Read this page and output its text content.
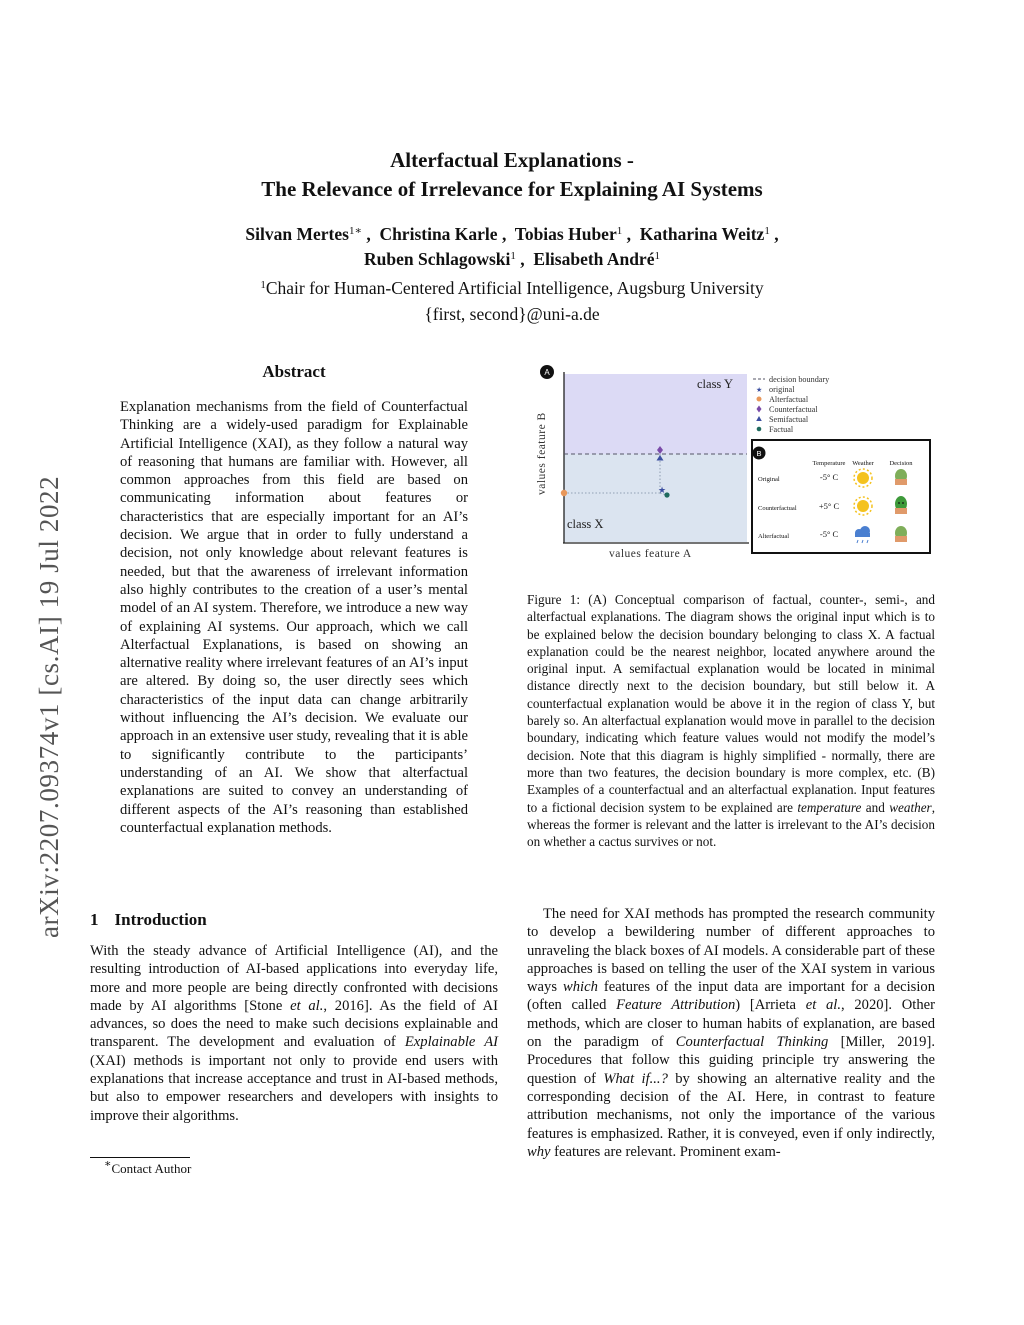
Alterfactual Explanations -
The Relevance of Irrelevance for Explaining AI Systems
Silvan Mertes$^{1∗}$ ,  Christina Karle ,  Tobias Huber$^1$ ,  Katharina Weitz$^1$ ,
Ruben Schlagowski$^1$ ,  Elisabeth André$^1$
$^1$Chair for Human-Centered Artificial Intelligence, Augsburg University
{first, second}@uni-a.de
arXiv:2207.09374v1 [cs.AI] 19 Jul 2022
Abstract
Explanation mechanisms from the field of Counterfactual Thinking are a widely-used paradigm for Explainable Artificial Intelligence (XAI), as they follow a natural way of reasoning that humans are familiar with. However, all common approaches from this field are based on communicating information about features or characteristics that are especially important for an AI’s decision. We argue that in order to fully understand a decision, not only knowledge about relevant features is needed, but that the awareness of irrelevant information also highly contributes to the creation of a user’s mental model of an AI system. Therefore, we introduce a new way of explaining AI systems. Our approach, which we call Alterfactual Explanations, is based on showing an alternative reality where irrelevant features of an AI’s input are altered. By doing so, the user directly sees which characteristics of the input data can change arbitrarily without influencing the AI’s decision. We evaluate our approach in an extensive user study, revealing that it is able to significantly contribute to the participants’ understanding of an AI. We show that alterfactual explanations are suited to convey an understanding of different aspects of the AI’s reasoning than established counterfactual explanation methods.
1 Introduction
With the steady advance of Artificial Intelligence (AI), and the resulting introduction of AI-based applications into everyday life, more and more people are being directly confronted with decisions made by AI algorithms [Stone et al., 2016]. As the field of AI advances, so does the need to make such decisions explainable and transparent. The development and evaluation of Explainable AI (XAI) methods is important not only to provide end users with explanations that increase acceptance and trust in AI-based methods, but also to empower researchers and developers with insights to improve their algorithms.
∗Contact Author
★
A
class Y
class X
values feature A
values feature B
decision boundary
★ original
Alterfactual
Counterfactual
Semifactual
Factual
B
Temperature Weather Decision
Original
Counterfactual
Alterfactual
-5° C
+5° C
-5° C
Figure 1: (A) Conceptual comparison of factual, counter-, semi-, and alterfactual explanations. The diagram shows the original input which is to be explained below the decision boundary belonging to class X. A factual explanation could be the nearest neighbor, located anywhere around the original input. A semifactual explanation would be located in minimal distance directly next to the decision boundary, but still below it. A counterfactual explanation would be above it in the region of class Y, but barely so. An alterfactual explanation would move in parallel to the decision boundary, indicating which feature values would not modify the model’s decision. Note that this diagram is highly simplified - normally, there are more than two features, the decision boundary is more complex, etc. (B) Examples of a counterfactual and an alterfactual explanation. Input features to a fictional decision system to be explained are temperature and weather, whereas the former is relevant and the latter is irrelevant to the AI’s decision on whether a cactus survives or not.
The need for XAI methods has prompted the research community to develop a bewildering number of different approaches to unraveling the black boxes of AI models. A considerable part of these approaches is based on telling the user of the XAI system in various ways which features of the input data are important for a decision (often called Feature Attribution) [Arrieta et al., 2020]. Other methods, which are closer to human habits of explanation, are based on the paradigm of Counterfactual Thinking [Miller, 2019]. Procedures that follow this guiding principle try answering the question of What if...? by showing an alternative reality and the corresponding decision of the AI. Here, in contrast to feature attribution mechanisms, not only the importance of the various features is emphasized. Rather, it is conveyed, even if only indirectly, why features are relevant. Prominent exam-
